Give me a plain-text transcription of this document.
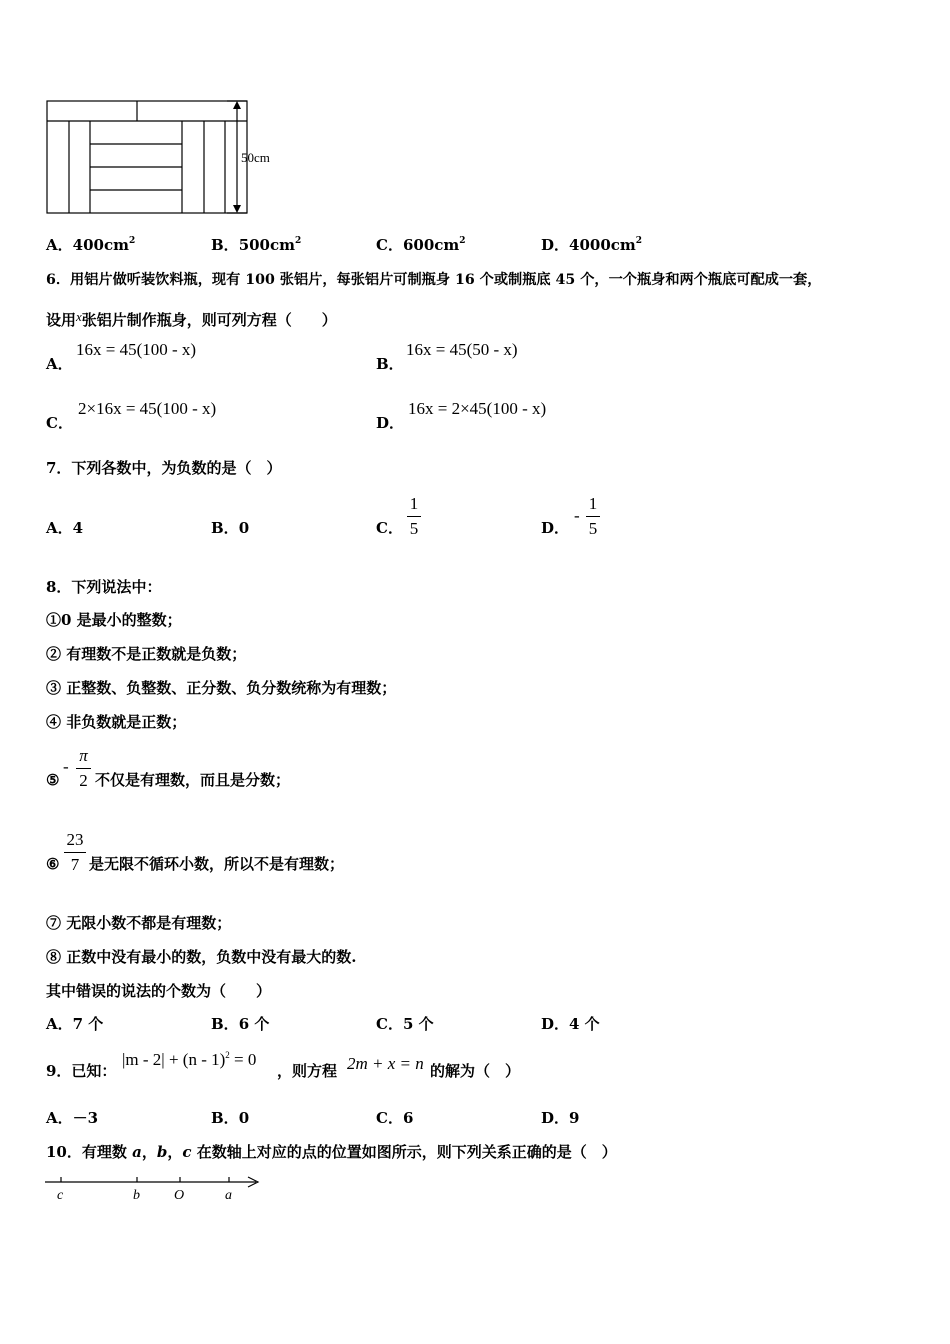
50cm
A．$400cm^2$	B．$500cm^2$	C．$600cm^2$	D．$4000cm^2$
6．用铝片做听装饮料瓶，现有 100 张铝片，每张铝片可制瓶身 16 个或制瓶底 45 个，一个瓶身和两个瓶底可配成一套，
设用x张铝片制作瓶身，则可列方程（　　）
A．
16x = 45(100 - x)
B．
16x = 45(50 - x)
C．
2×16x = 45(100 - x)
D．
16x = 2×45(100 - x)
7．下列各数中，为负数的是（　）
A．4	B．0	C．
1
5	D．
-
1
5
8．下列说法中：
①0 是最小的整数；
② 有理数不是正数就是负数；
③ 正整数、负整数、正分数、负分数统称为有理数；
④ 非负数就是正数；
⑤
-
π
2 不仅是有理数，而且是分数；
23
7
⑥ 是无限不循环小数，所以不是有理数；
⑦ 无限小数不都是有理数；
⑧ 正数中没有最小的数，负数中没有最大的数.
其中错误的说法的个数为（　　）
A．7 个	B．6 个	C．5 个	D．4 个
9．已知：
|m - 2| + (n - 1)$^2$ = 0
，则方程 2m + x = n 的解为（　）
A．－3	B．0	C．6	D．9
10．有理数 a，b，c 在数轴上对应的点的位置如图所示，则下列关系正确的是（　）
c	b O	a
